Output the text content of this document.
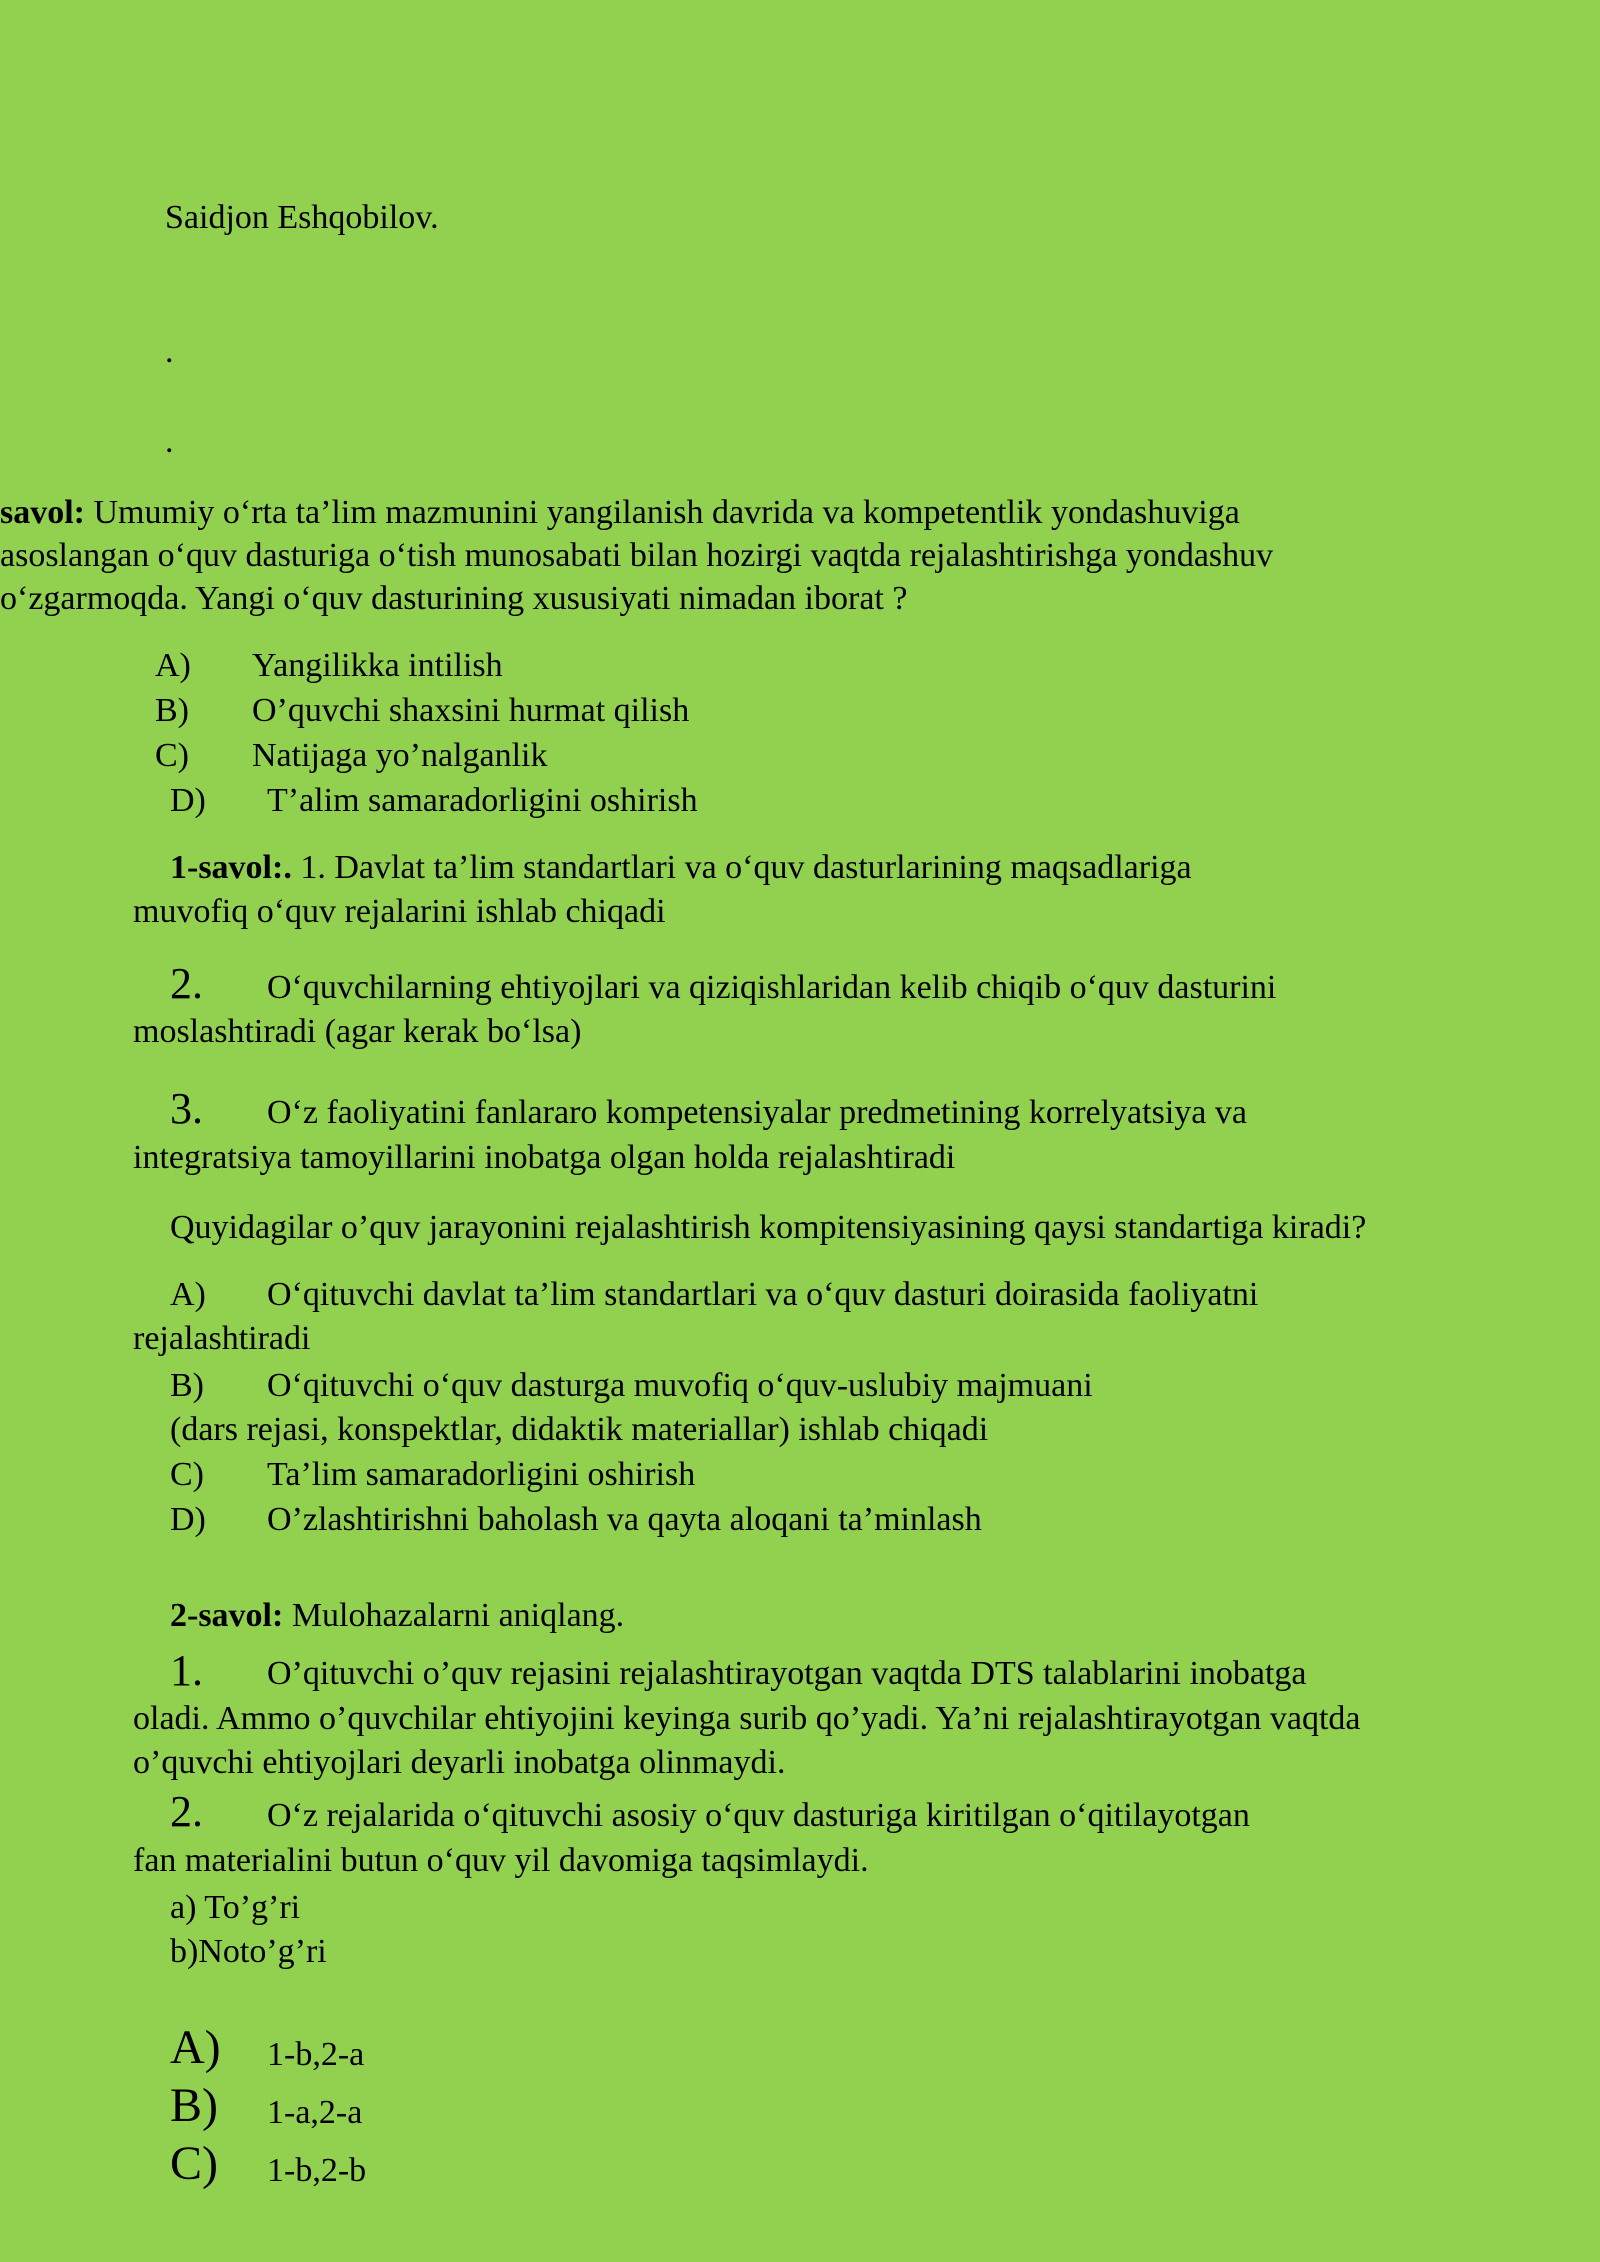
Saidjon Eshqobilov.
.
.
savol: Umumiy o‘rta ta’lim mazmunini yangilanish davrida va kompetentlik yondashuviga
asoslangan o‘quv dasturiga o‘tish munosabati bilan hozirgi vaqtda rejalashtirishga yondashuv
o‘zgarmoqda. Yangi o‘quv dasturining xususiyati nimadan iborat ?
A) Yangilikka intilish
B) O’quvchi shaxsini hurmat qilish
C) Natijaga yo’nalganlik
D) T’alim samaradorligini oshirish
1-savol:. 1. Davlat ta’lim standartlari va o‘quv dasturlarining maqsadlariga
muvofiq o‘quv rejalarini ishlab chiqadi
2. O‘quvchilarning ehtiyojlari va qiziqishlaridan kelib chiqib o‘quv dasturini
moslashtiradi (agar kerak bo‘lsa)
3. O‘z faoliyatini fanlararo kompetensiyalar predmetining korrelyatsiya va
integratsiya tamoyillarini inobatga olgan holda rejalashtiradi
Quyidagilar o’quv jarayonini rejalashtirish kompitensiyasining qaysi standartiga kiradi?
A) O‘qituvchi davlat ta’lim standartlari va o‘quv dasturi doirasida faoliyatni
rejalashtiradi
B) O‘qituvchi o‘quv dasturga muvofiq o‘quv-uslubiy majmuani
(dars rejasi, konspektlar, didaktik materiallar) ishlab chiqadi
C) Ta’lim samaradorligini oshirish
D) O’zlashtirishni baholash va qayta aloqani ta’minlash
2-savol: Mulohazalarni aniqlang.
1. O’qituvchi o’quv rejasini rejalashtirayotgan vaqtda DTS talablarini inobatga
oladi. Ammo o’quvchilar ehtiyojini keyinga surib qo’yadi. Ya’ni rejalashtirayotgan vaqtda
o’quvchi ehtiyojlari deyarli inobatga olinmaydi.
2. O‘z rejalarida o‘qituvchi asosiy o‘quv dasturiga kiritilgan o‘qitilayotgan
fan materialini butun o‘quv yil davomiga taqsimlaydi.
a) To’g’ri
b)Noto’g’ri
A) 1-b,2-a
B) 1-a,2-a
C) 1-b,2-b
